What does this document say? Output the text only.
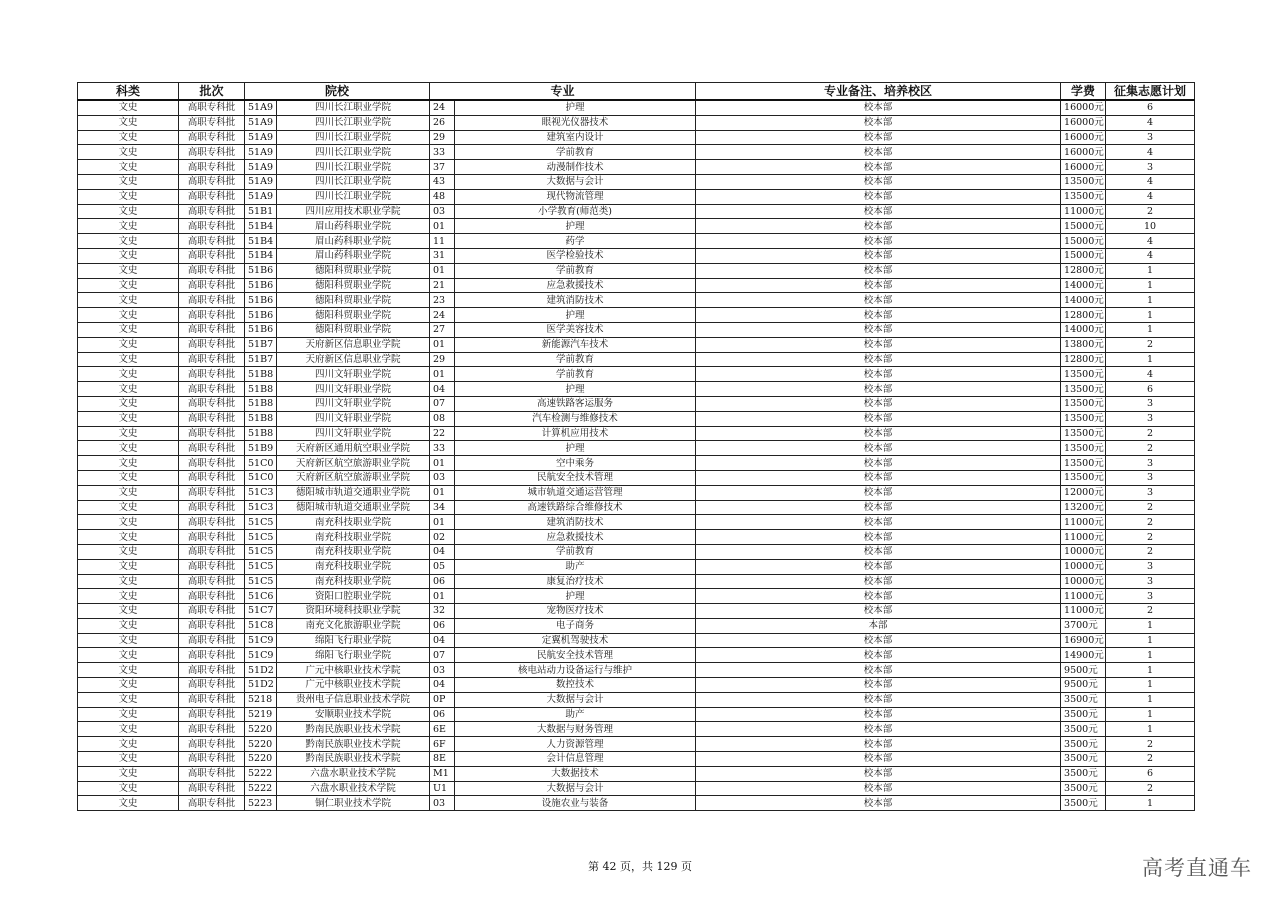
科类	批次	院校		专业		专业备注、培养校区	学费	征集志愿计划
文史	高职专科批	51A9	四川长江职业学院	24	护理	校本部	16000元	6
文史	高职专科批	51A9	四川长江职业学院	26	眼视光仪器技术	校本部	16000元	4
文史	高职专科批	51A9	四川长江职业学院	29	建筑室内设计	校本部	16000元	3
文史	高职专科批	51A9	四川长江职业学院	33	学前教育	校本部	16000元	4
文史	高职专科批	51A9	四川长江职业学院	37	动漫制作技术	校本部	16000元	3
文史	高职专科批	51A9	四川长江职业学院	43	大数据与会计	校本部	13500元	4
文史	高职专科批	51A9	四川长江职业学院	48	现代物流管理	校本部	13500元	4
文史	高职专科批	51B1	四川应用技术职业学院	03	小学教育(师范类)	校本部	11000元	2
文史	高职专科批	51B4	眉山药科职业学院	01	护理	校本部	15000元	10
文史	高职专科批	51B4	眉山药科职业学院	11	药学	校本部	15000元	4
文史	高职专科批	51B4	眉山药科职业学院	31	医学检验技术	校本部	15000元	4
文史	高职专科批	51B6	德阳科贸职业学院	01	学前教育	校本部	12800元	1
文史	高职专科批	51B6	德阳科贸职业学院	21	应急救援技术	校本部	14000元	1
文史	高职专科批	51B6	德阳科贸职业学院	23	建筑消防技术	校本部	14000元	1
文史	高职专科批	51B6	德阳科贸职业学院	24	护理	校本部	12800元	1
文史	高职专科批	51B6	德阳科贸职业学院	27	医学美容技术	校本部	14000元	1
文史	高职专科批	51B7	天府新区信息职业学院	01	新能源汽车技术	校本部	13800元	2
文史	高职专科批	51B7	天府新区信息职业学院	29	学前教育	校本部	12800元	1
文史	高职专科批	51B8	四川文轩职业学院	01	学前教育	校本部	13500元	4
文史	高职专科批	51B8	四川文轩职业学院	04	护理	校本部	13500元	6
文史	高职专科批	51B8	四川文轩职业学院	07	高速铁路客运服务	校本部	13500元	3
文史	高职专科批	51B8	四川文轩职业学院	08	汽车检测与维修技术	校本部	13500元	3
文史	高职专科批	51B8	四川文轩职业学院	22	计算机应用技术	校本部	13500元	2
文史	高职专科批	51B9	天府新区通用航空职业学院	33	护理	校本部	13500元	2
文史	高职专科批	51C0	天府新区航空旅游职业学院	01	空中乘务	校本部	13500元	3
文史	高职专科批	51C0	天府新区航空旅游职业学院	03	民航安全技术管理	校本部	13500元	3
文史	高职专科批	51C3	德阳城市轨道交通职业学院	01	城市轨道交通运营管理	校本部	12000元	3
文史	高职专科批	51C3	德阳城市轨道交通职业学院	34	高速铁路综合维修技术	校本部	13200元	2
文史	高职专科批	51C5	南充科技职业学院	01	建筑消防技术	校本部	11000元	2
文史	高职专科批	51C5	南充科技职业学院	02	应急救援技术	校本部	11000元	2
文史	高职专科批	51C5	南充科技职业学院	04	学前教育	校本部	10000元	2
文史	高职专科批	51C5	南充科技职业学院	05	助产	校本部	10000元	3
文史	高职专科批	51C5	南充科技职业学院	06	康复治疗技术	校本部	10000元	3
文史	高职专科批	51C6	资阳口腔职业学院	01	护理	校本部	11000元	3
文史	高职专科批	51C7	资阳环境科技职业学院	32	宠物医疗技术	校本部	11000元	2
文史	高职专科批	51C8	南充文化旅游职业学院	06	电子商务	本部	3700元	1
文史	高职专科批	51C9	绵阳飞行职业学院	04	定翼机驾驶技术	校本部	16900元	1
文史	高职专科批	51C9	绵阳飞行职业学院	07	民航安全技术管理	校本部	14900元	1
文史	高职专科批	51D2	广元中核职业技术学院	03	核电站动力设备运行与维护	校本部	9500元	1
文史	高职专科批	51D2	广元中核职业技术学院	04	数控技术	校本部	9500元	1
文史	高职专科批	5218	贵州电子信息职业技术学院	0P	大数据与会计	校本部	3500元	1
文史	高职专科批	5219	安顺职业技术学院	06	助产	校本部	3500元	1
文史	高职专科批	5220	黔南民族职业技术学院	6E	大数据与财务管理	校本部	3500元	1
文史	高职专科批	5220	黔南民族职业技术学院	6F	人力资源管理	校本部	3500元	2
文史	高职专科批	5220	黔南民族职业技术学院	8E	会计信息管理	校本部	3500元	2
文史	高职专科批	5222	六盘水职业技术学院	M1	大数据技术	校本部	3500元	6
文史	高职专科批	5222	六盘水职业技术学院	U1	大数据与会计	校本部	3500元	2
文史	高职专科批	5223	铜仁职业技术学院	03	设施农业与装备	校本部	3500元	1
第 42 页，共 129 页	高考直通车
